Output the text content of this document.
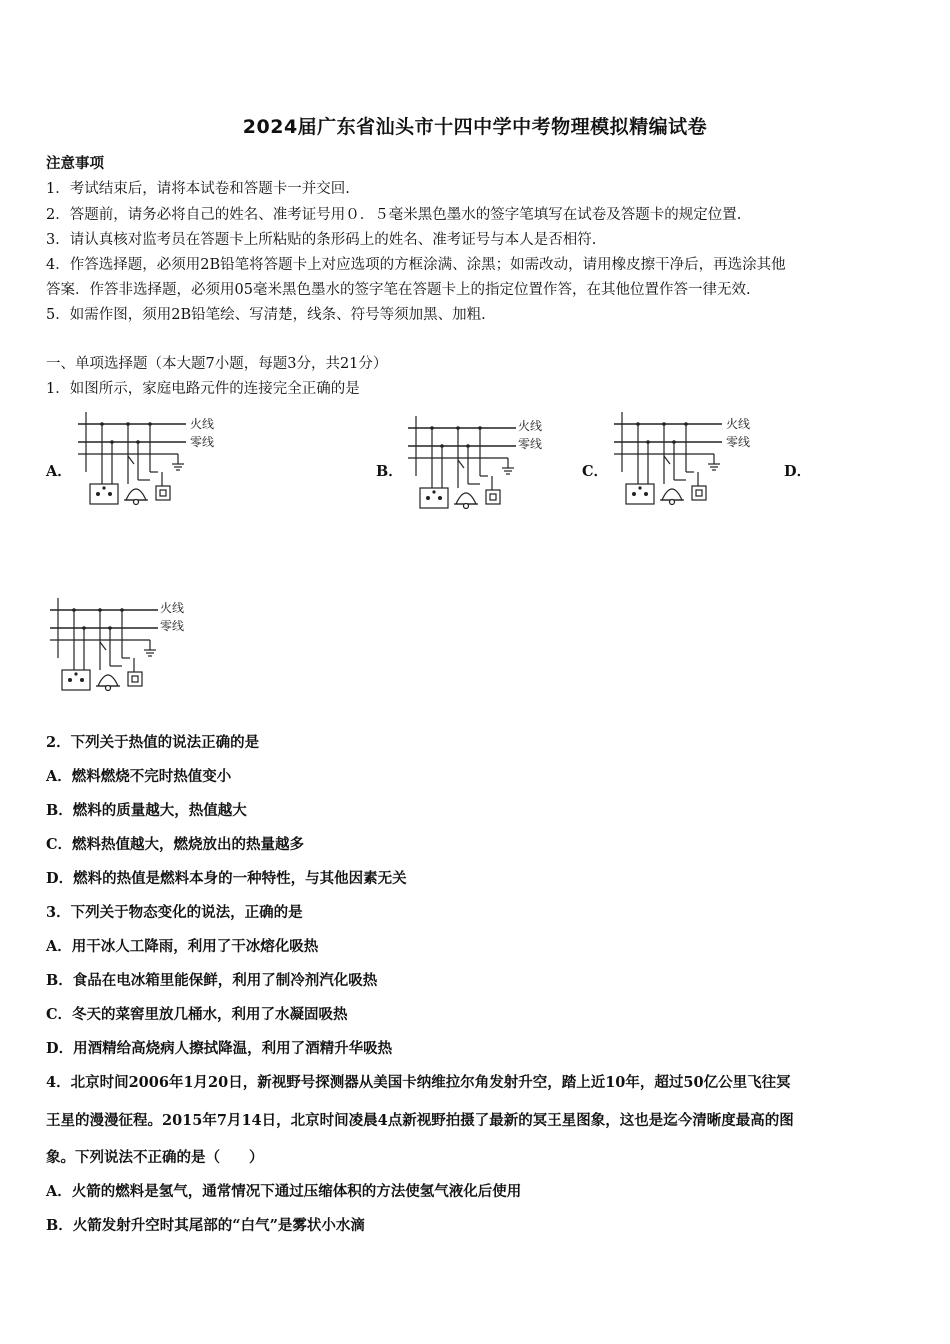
2024届广东省汕头市十四中学中考物理模拟精编试卷
注意事项
1．考试结束后，请将本试卷和答题卡一并交回.
2．答题前，请务必将自己的姓名、准考证号用０．５毫米黑色墨水的签字笔填写在试卷及答题卡的规定位置.
3．请认真核对监考员在答题卡上所粘贴的条形码上的姓名、准考证号与本人是否相符.
4．作答选择题，必须用2B铅笔将答题卡上对应选项的方框涂满、涂黑；如需改动，请用橡皮擦干净后，再选涂其他
答案．作答非选择题，必须用05毫米黑色墨水的签字笔在答题卡上的指定位置作答，在其他位置作答一律无效.
5．如需作图，须用2B铅笔绘、写清楚，线条、符号等须加黑、加粗.
一、单项选择题（本大题7小题，每题3分，共21分）
1．如图所示，家庭电路元件的连接完全正确的是
A．
火线
零线
B．
火线
零线
C．
火线
零线
D．
火线
零线
2．下列关于热值的说法正确的是
A．燃料燃烧不完时热值变小
B．燃料的质量越大，热值越大
C．燃料热值越大，燃烧放出的热量越多
D．燃料的热值是燃料本身的一种特性，与其他因素无关
3．下列关于物态变化的说法，正确的是
A．用干冰人工降雨，利用了干冰熔化吸热
B．食品在电冰箱里能保鲜，利用了制冷剂汽化吸热
C．冬天的菜窖里放几桶水，利用了水凝固吸热
D．用酒精给高烧病人擦拭降温，利用了酒精升华吸热
4．北京时间2006年1月20日，新视野号探测器从美国卡纳维拉尔角发射升空，踏上近10年，超过50亿公里飞往冥
王星的漫漫征程。2015年7月14日，北京时间凌晨4点新视野拍摄了最新的冥王星图象，这也是迄今清晰度最高的图
象。下列说法不正确的是（　　）
A．火箭的燃料是氢气，通常情况下通过压缩体积的方法使氢气液化后使用
B．火箭发射升空时其尾部的“白气”是雾状小水滴
